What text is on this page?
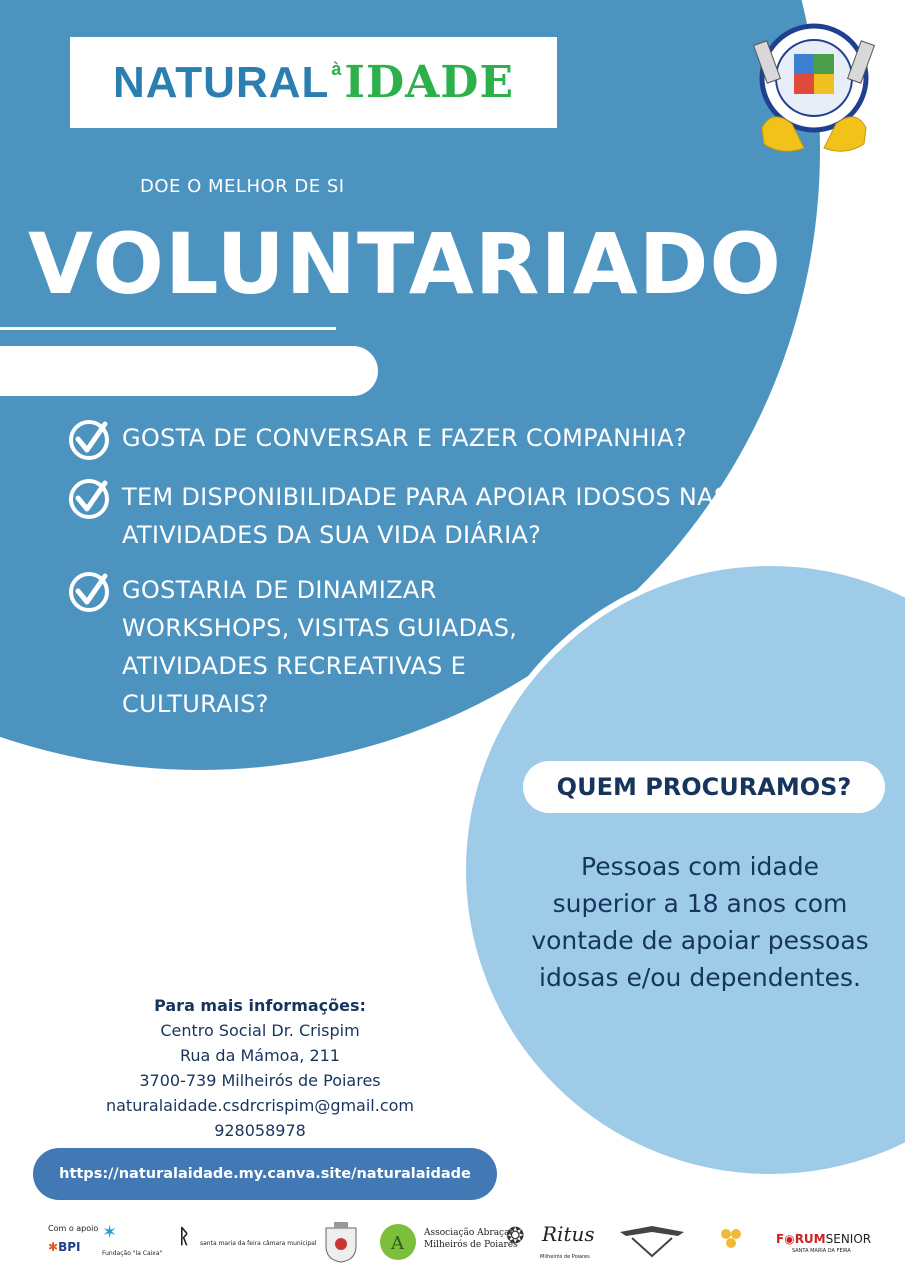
NATURAL $^à$IDADE
DOE O MELHOR DE SI
VOLUNTARIADO
GOSTA DE CONVERSAR E FAZER COMPANHIA?
TEM DISPONIBILIDADE PARA APOIAR IDOSOS NAS
ATIVIDADES DA SUA VIDA DIÁRIA?
GOSTARIA DE DINAMIZAR
WORKSHOPS, VISITAS GUIADAS,
ATIVIDADES RECREATIVAS E
CULTURAIS?
QUEM PROCURAMOS?
Pessoas com idade
superior a 18 anos com
vontade de apoiar pessoas
idosas e/ou dependentes.
Para mais informações:
Centro Social Dr. Crispim
Rua da Mámoa, 211
3700-739 Milheirós de Poiares
naturalaidade.csdrcrispim@gmail.com
928058978
https://naturalaidade.my.canva.site/naturalaidade
Com o apoio
✱BPI
✶
Fundação "la Caixa"
ᚱ santa maria da feira câmara municipal	A Associação Abraçar
Milheirós de Poiares
❂ Ritus
Milheirós de Poiares
F◉RUMSENIOR
SANTA MARIA DA FEIRA
